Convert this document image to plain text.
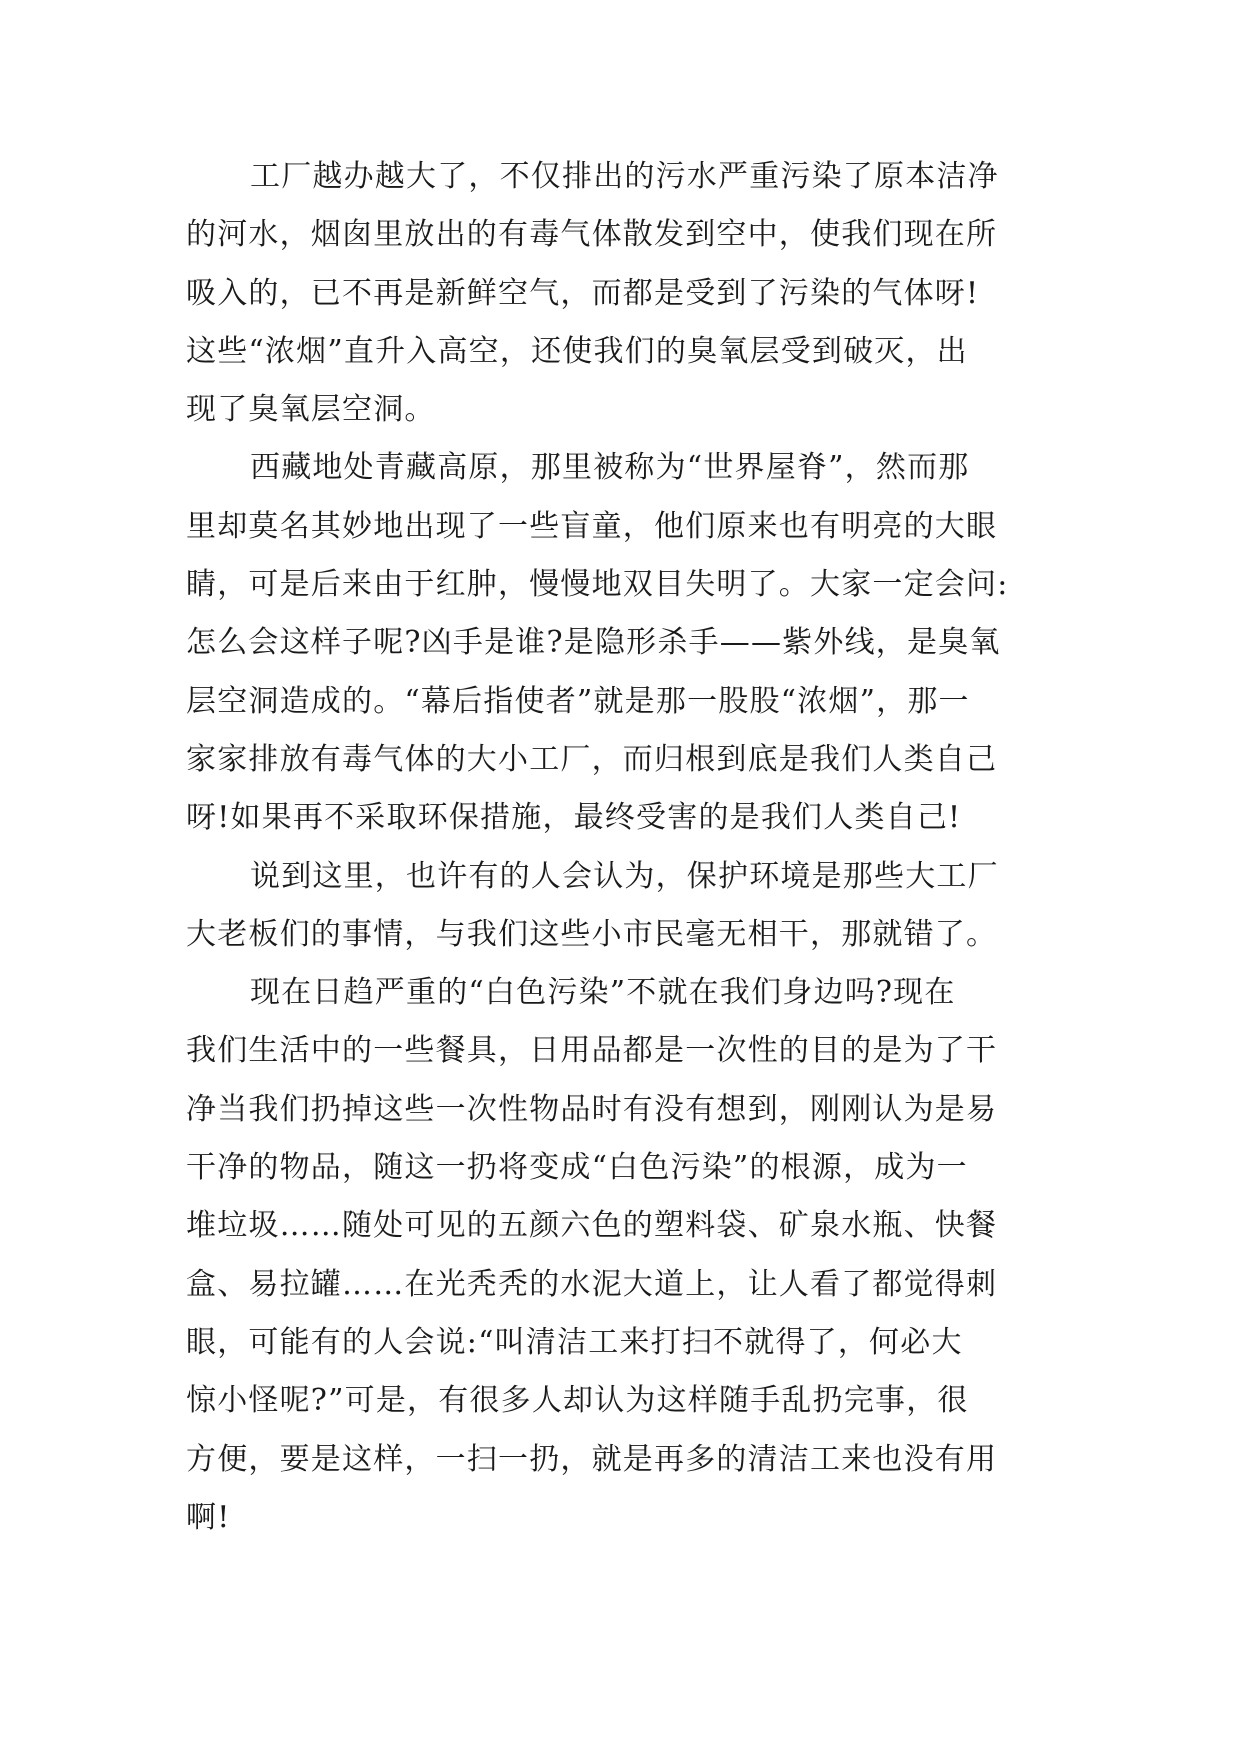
工厂越办越大了，不仅排出的污水严重污染了原本洁净
的河水，烟囱里放出的有毒气体散发到空中，使我们现在所
吸入的，已不再是新鲜空气，而都是受到了污染的气体呀!
这些“浓烟”直升入高空，还使我们的臭氧层受到破灭，出
现了臭氧层空洞。
西藏地处青藏高原，那里被称为“世界屋脊”，然而那
里却莫名其妙地出现了一些盲童，他们原来也有明亮的大眼
睛，可是后来由于红肿，慢慢地双目失明了。大家一定会问:
怎么会这样子呢?凶手是谁?是隐形杀手——紫外线，是臭氧
层空洞造成的。“幕后指使者”就是那一股股“浓烟”，那一
家家排放有毒气体的大小工厂，而归根到底是我们人类自己
呀!如果再不采取环保措施，最终受害的是我们人类自己!
说到这里，也许有的人会认为，保护环境是那些大工厂
大老板们的事情，与我们这些小市民毫无相干，那就错了。
现在日趋严重的“白色污染”不就在我们身边吗?现在
我们生活中的一些餐具，日用品都是一次性的目的是为了干
净当我们扔掉这些一次性物品时有没有想到，刚刚认为是易
干净的物品，随这一扔将变成“白色污染”的根源，成为一
堆垃圾……随处可见的五颜六色的塑料袋、矿泉水瓶、快餐
盒、易拉罐……在光秃秃的水泥大道上，让人看了都觉得刺
眼，可能有的人会说:“叫清洁工来打扫不就得了，何必大
惊小怪呢?”可是，有很多人却认为这样随手乱扔完事，很
方便，要是这样，一扫一扔，就是再多的清洁工来也没有用
啊!
